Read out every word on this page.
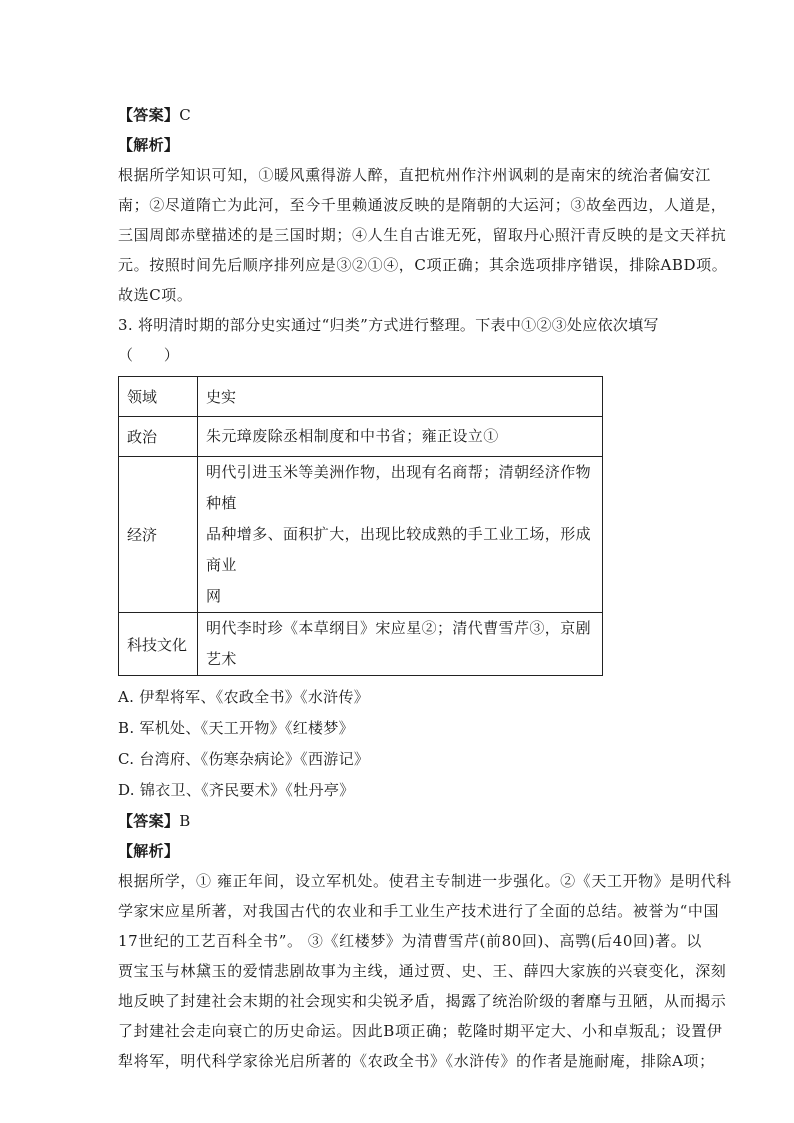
【答案】C
【解析】
根据所学知识可知，①暖风熏得游人醉，直把杭州作汴州讽刺的是南宋的统治者偏安江
南；②尽道隋亡为此河，至今千里赖通波反映的是隋朝的大运河；③故垒西边，人道是，
三国周郎赤壁描述的是三国时期；④人生自古谁无死，留取丹心照汗青反映的是文天祥抗
元。按照时间先后顺序排列应是③②①④，C项正确；其余选项排序错误，排除ABD项。
故选C项。
3. 将明清时期的部分史实通过“归类”方式进行整理。下表中①②③处应依次填写
（　　）
领域	史实
政治	朱元璋废除丞相制度和中书省；雍正设立①

经济	明代引进玉米等美洲作物，出现有名商帮；清朝经济作物种植
品种增多、面积扩大，出现比较成熟的手工业工场，形成商业
网

科技文化	明代李时珍《本草纲目》宋应星②；清代曹雪芹③，京剧艺术
A. 伊犁将军、《农政全书》《水浒传》
B. 军机处、《天工开物》《红楼梦》
C. 台湾府、《伤寒杂病论》《西游记》
D. 锦衣卫、《齐民要术》《牡丹亭》
【答案】B
【解析】
根据所学，① 雍正年间，设立军机处。使君主专制进一步强化。②《天工开物》是明代科
学家宋应星所著，对我国古代的农业和手工业生产技术进行了全面的总结。被誉为“中国
17世纪的工艺百科全书”。 ③《红楼梦》为清曹雪芹(前80回)、高鹗(后40回)著。以
贾宝玉与林黛玉的爱情悲剧故事为主线，通过贾、史、王、薛四大家族的兴衰变化，深刻
地反映了封建社会末期的社会现实和尖锐矛盾，揭露了统治阶级的奢靡与丑陋，从而揭示
了封建社会走向衰亡的历史命运。因此B项正确；乾隆时期平定大、小和卓叛乱；设置伊
犁将军，明代科学家徐光启所著的《农政全书》《水浒传》的作者是施耐庵，排除A项；
